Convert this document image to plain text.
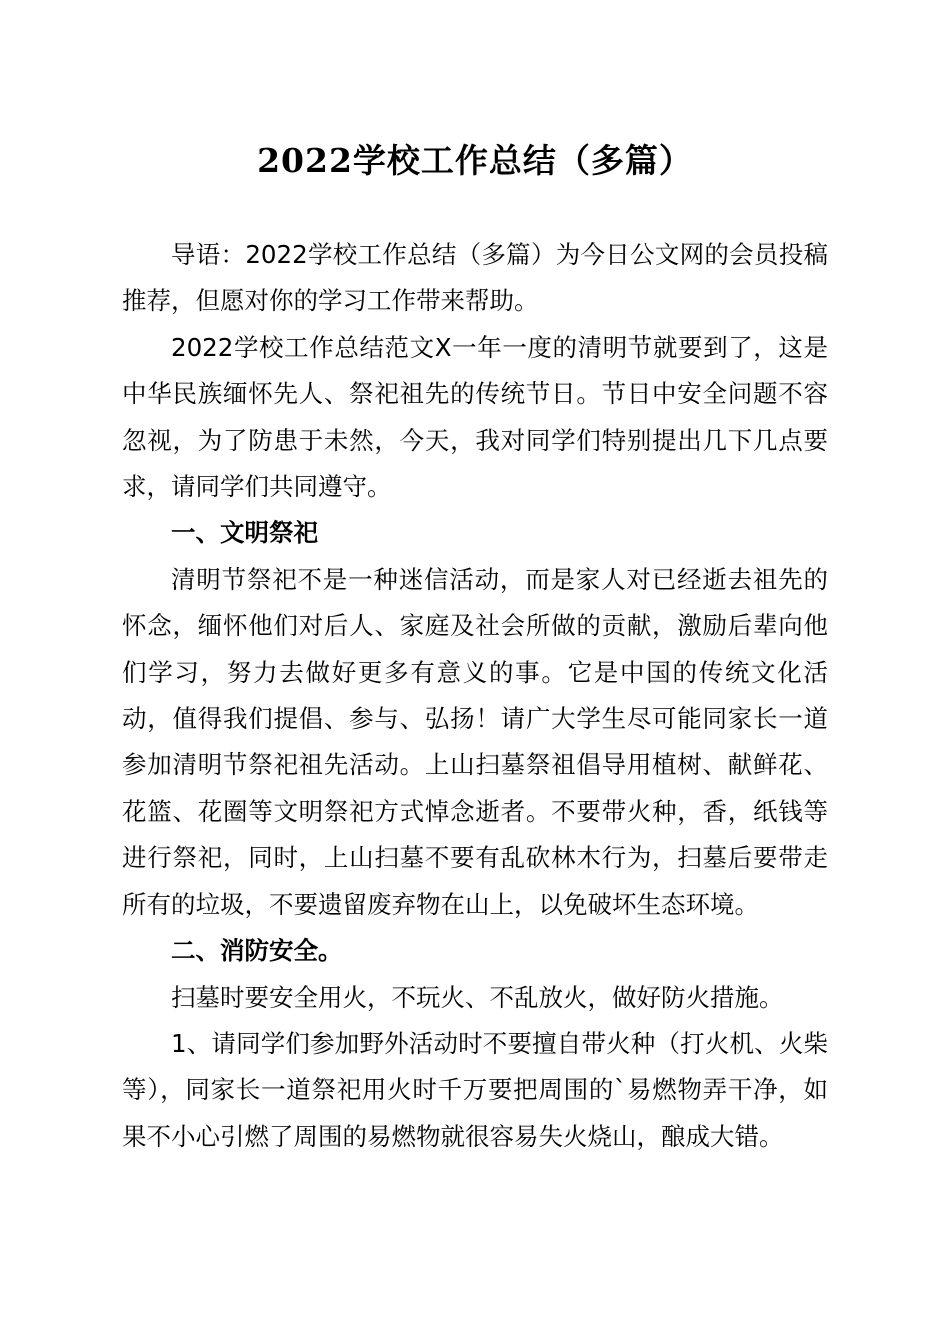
2022学校工作总结（多篇）

导语：2022学校工作总结（多篇）为今日公文网的会员投稿推荐，但愿对你的学习工作带来帮助。

2022学校工作总结范文X一年一度的清明节就要到了，这是中华民族缅怀先人、祭祀祖先的传统节日。节日中安全问题不容忽视，为了防患于未然，今天，我对同学们特别提出几下几点要求，请同学们共同遵守。

一、文明祭祀

清明节祭祀不是一种迷信活动，而是家人对已经逝去祖先的怀念，缅怀他们对后人、家庭及社会所做的贡献，激励后辈向他们学习，努力去做好更多有意义的事。它是中国的传统文化活动，值得我们提倡、参与、弘扬！请广大学生尽可能同家长一道参加清明节祭祀祖先活动。上山扫墓祭祖倡导用植树、献鲜花、花篮、花圈等文明祭祀方式悼念逝者。不要带火种，香，纸钱等进行祭祀，同时，上山扫墓不要有乱砍林木行为，扫墓后要带走所有的垃圾，不要遗留废弃物在山上，以免破坏生态环境。

二、消防安全。

扫墓时要安全用火，不玩火、不乱放火，做好防火措施。

1、请同学们参加野外活动时不要擅自带火种（打火机、火柴等），同家长一道祭祀用火时千万要把周围的`易燃物弄干净，如果不小心引燃了周围的易燃物就很容易失火烧山，酿成大错。
